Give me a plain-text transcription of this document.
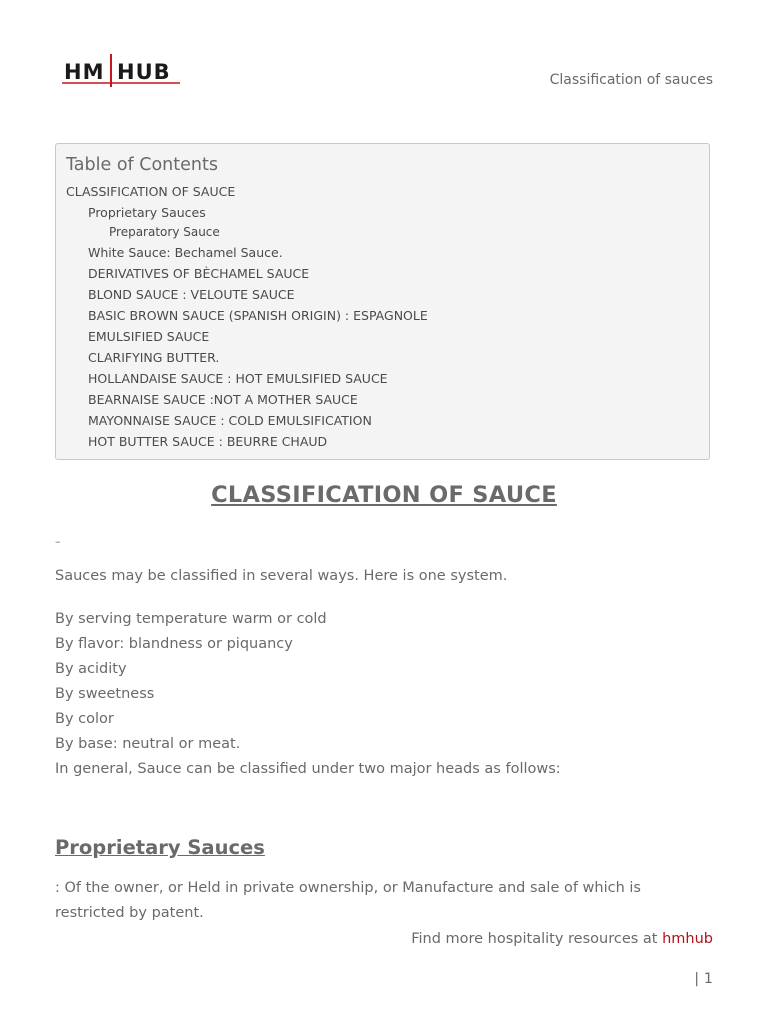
HM HUB	Classification of sauces
Table of Contents
CLASSIFICATION OF SAUCE
Proprietary Sauces
Preparatory Sauce
White Sauce: Bechamel Sauce.
DERIVATIVES OF BÈCHAMEL SAUCE
BLOND SAUCE : VELOUTE SAUCE
BASIC BROWN SAUCE (SPANISH ORIGIN) : ESPAGNOLE
EMULSIFIED SAUCE
CLARIFYING BUTTER.
HOLLANDAISE SAUCE : HOT EMULSIFIED SAUCE
BEARNAISE SAUCE :NOT A MOTHER SAUCE
MAYONNAISE SAUCE : COLD EMULSIFICATION
HOT BUTTER SAUCE : BEURRE CHAUD
CLASSIFICATION OF SAUCE
–

Sauces may be classified in several ways. Here is one system.

By serving temperature warm or cold
By flavor: blandness or piquancy
By acidity
By sweetness
By color
By base: neutral or meat.
In general, Sauce can be classified under two major heads as follows:
Proprietary Sauces

: Of the owner, or Held in private ownership, or Manufacture and sale of which is restricted by patent.

Find more hospitality resources at hmhub
| 1
